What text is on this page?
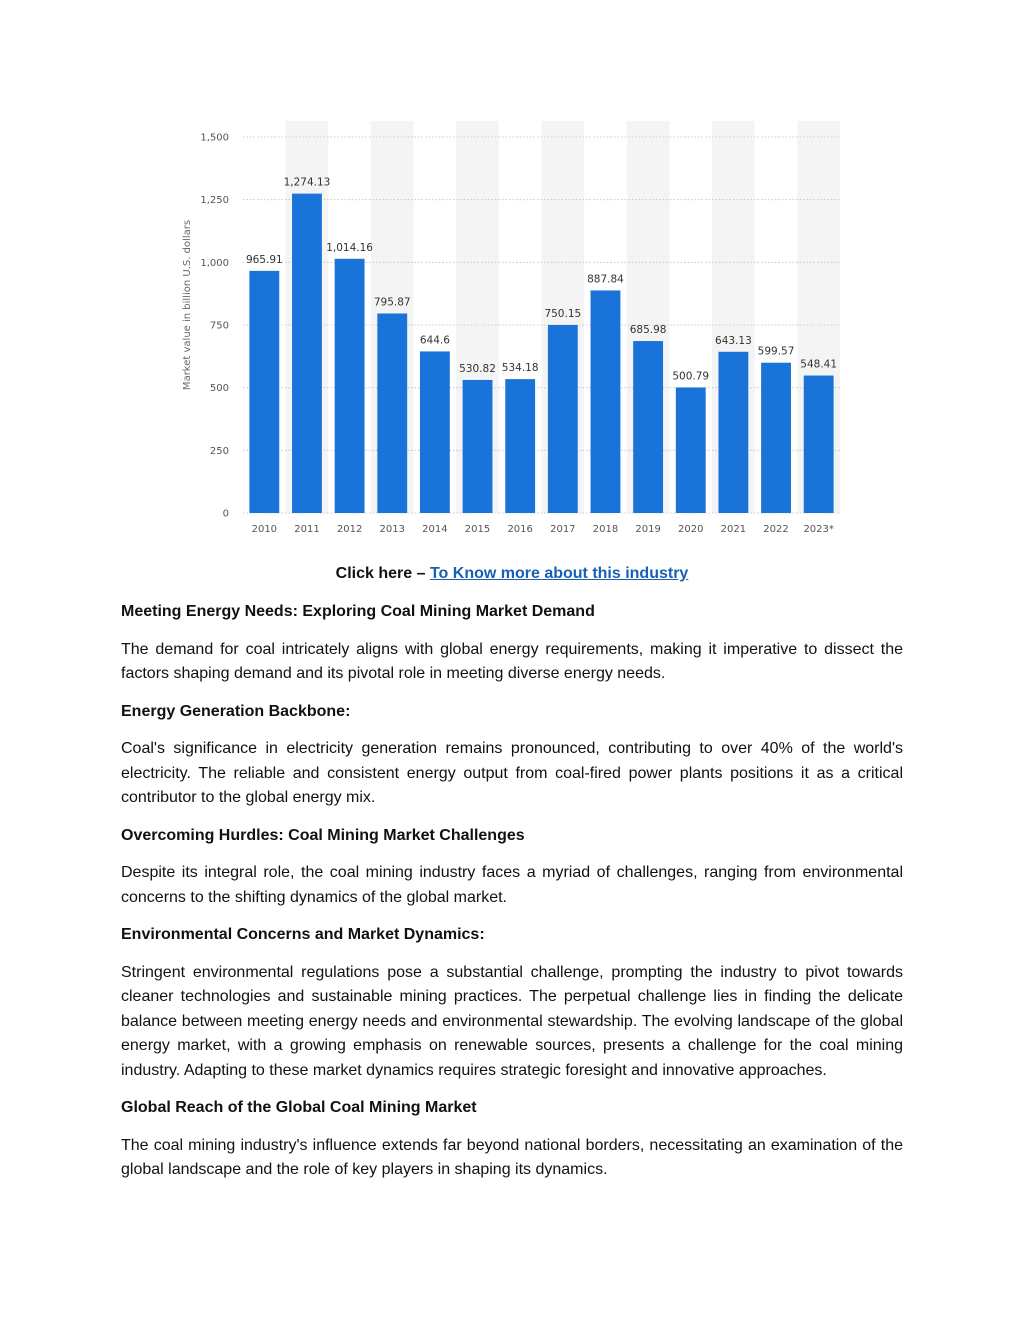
0
250
500
750
1,000
1,250
1,500
Market value in billion U.S. dollars	965.91
2010
1,274.13
2011
1,014.16
2012
795.87
2013
644.6
2014
530.82
2015
534.18
2016
750.15
2017
887.84
2018
685.98
2019
500.79
2020
643.13
2021
599.57
2022
548.41
2023*

Click here – To Know more about this industry

Meeting Energy Needs: Exploring Coal Mining Market Demand

The demand for coal intricately aligns with global energy requirements, making it imperative to dissect the factors shaping demand and its pivotal role in meeting diverse energy needs.

Energy Generation Backbone:

Coal's significance in electricity generation remains pronounced, contributing to over 40% of the world's electricity. The reliable and consistent energy output from coal-fired power plants positions it as a critical contributor to the global energy mix.

Overcoming Hurdles: Coal Mining Market Challenges

Despite its integral role, the coal mining industry faces a myriad of challenges, ranging from environmental concerns to the shifting dynamics of the global market.

Environmental Concerns and Market Dynamics:

Stringent environmental regulations pose a substantial challenge, prompting the industry to pivot towards cleaner technologies and sustainable mining practices. The perpetual challenge lies in finding the delicate balance between meeting energy needs and environmental stewardship. The evolving landscape of the global energy market, with a growing emphasis on renewable sources, presents a challenge for the coal mining industry. Adapting to these market dynamics requires strategic foresight and innovative approaches.

Global Reach of the Global Coal Mining Market

The coal mining industry's influence extends far beyond national borders, necessitating an examination of the global landscape and the role of key players in shaping its dynamics.
